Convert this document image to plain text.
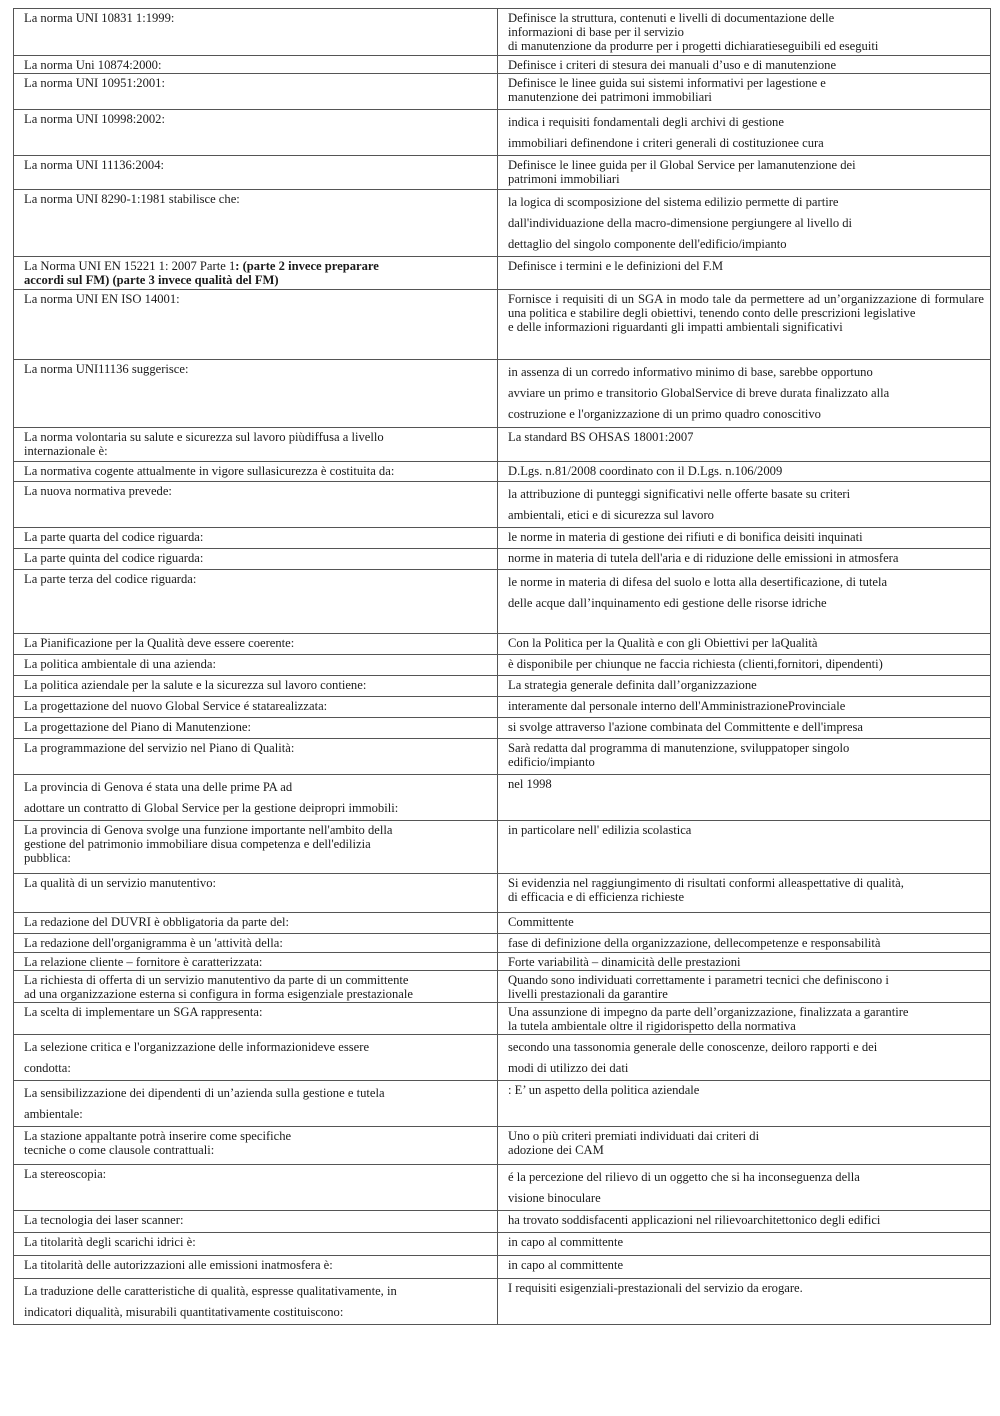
La norma UNI 10831 1:1999:	Definisce la struttura, contenuti e livelli di documentazione delle
informazioni di base per il servizio
di manutenzione da produrre per i progetti dichiaratieseguibili ed eseguiti

La norma Uni 10874:2000:	Definisce i criteri di stesura dei manuali d’uso e di manutenzione

La norma UNI 10951:2001:	Definisce le linee guida sui sistemi informativi per lagestione e
manutenzione dei patrimoni immobiliari

La norma UNI 10998:2002:	indica i requisiti fondamentali degli archivi di gestione
immobiliari definendone i criteri generali di costituzionee cura

La norma UNI 11136:2004:	Definisce le linee guida per il Global Service per lamanutenzione dei
patrimoni immobiliari

La norma UNI 8290-1:1981 stabilisce che:	la logica di scomposizione del sistema edilizio permette di partire
dall'individuazione della macro-dimensione pergiungere al livello di
dettaglio del singolo componente dell'edificio/impianto

La Norma UNI EN 15221 1: 2007 Parte 1: (parte 2 invece preparare
accordi sul FM) (parte 3 invece qualità del FM)	Definisce i termini e le definizioni del F.M

La norma UNI EN ISO 14001:	Fornisce i requisiti di un SGA in modo tale da permettere ad un’organizzazione di formulare una politica e stabilire degli obiettivi, tenendo conto delle prescrizioni legislative
e delle informazioni riguardanti gli impatti ambientali significativi

La norma UNI11136 suggerisce:	in assenza di un corredo informativo minimo di base, sarebbe opportuno
avviare un primo e transitorio GlobalService di breve durata finalizzato alla
costruzione e l'organizzazione di un primo quadro conoscitivo

La norma volontaria su salute e sicurezza sul lavoro piùdiffusa a livello
internazionale è:	La standard BS OHSAS 18001:2007

La normativa cogente attualmente in vigore sullasicurezza è costituita da:	D.Lgs. n.81/2008 coordinato con il D.Lgs. n.106/2009

La nuova normativa prevede:	la attribuzione di punteggi significativi nelle offerte basate su criteri
ambientali, etici e di sicurezza sul lavoro

La parte quarta del codice riguarda:	le norme in materia di gestione dei rifiuti e di bonifica deisiti inquinati

La parte quinta del codice riguarda:	norme in materia di tutela dell'aria e di riduzione delle emissioni in atmosfera

La parte terza del codice riguarda:	le norme in materia di difesa del suolo e lotta alla desertificazione, di tutela
delle acque dall’inquinamento edi gestione delle risorse idriche

La Pianificazione per la Qualità deve essere coerente:	Con la Politica per la Qualità e con gli Obiettivi per laQualità

La politica ambientale di una azienda:	è disponibile per chiunque ne faccia richiesta (clienti,fornitori, dipendenti)

La politica aziendale per la salute e la sicurezza sul lavoro contiene:	La strategia generale definita dall’organizzazione

La progettazione del nuovo Global Service é statarealizzata:	interamente dal personale interno dell'AmministrazioneProvinciale

La progettazione del Piano di Manutenzione:	si svolge attraverso l'azione combinata del Committente e dell'impresa

La programmazione del servizio nel Piano di Qualità:	Sarà redatta dal programma di manutenzione, sviluppatoper singolo
edificio/impianto

La provincia di Genova é stata una delle prime PA ad
adottare un contratto di Global Service per la gestione deipropri immobili:	nel 1998

La provincia di Genova svolge una funzione importante nell'ambito della
gestione del patrimonio immobiliare disua competenza e dell'edilizia
pubblica:	in particolare nell' edilizia scolastica

La qualità di un servizio manutentivo:	Si evidenzia nel raggiungimento di risultati conformi alleaspettative di qualità,
di efficacia e di efficienza richieste

La redazione del DUVRI è obbligatoria da parte del:	Committente

La redazione dell'organigramma è un 'attività della:	fase di definizione della organizzazione, dellecompetenze e responsabilità

La relazione cliente – fornitore è caratterizzata:	Forte variabilità – dinamicità delle prestazioni

La richiesta di offerta di un servizio manutentivo da parte di un committente
ad una organizzazione esterna si configura in forma esigenziale prestazionale	Quando sono individuati correttamente i parametri tecnici che definiscono i
livelli prestazionali da garantire

La scelta di implementare un SGA rappresenta:	Una assunzione di impegno da parte dell’organizzazione, finalizzata a garantire
la tutela ambientale oltre il rigidorispetto della normativa

La selezione critica e l'organizzazione delle informazionideve essere
condotta:	secondo una tassonomia generale delle conoscenze, deiloro rapporti e dei
modi di utilizzo dei dati

La sensibilizzazione dei dipendenti di un’azienda sulla gestione e tutela
ambientale:	: E’ un aspetto della politica aziendale

La stazione appaltante potrà inserire come specifiche
tecniche o come clausole contrattuali:	Uno o più criteri premiati individuati dai criteri di
adozione dei CAM

La stereoscopia:	é la percezione del rilievo di un oggetto che si ha inconseguenza della
visione binoculare

La tecnologia dei laser scanner:	ha trovato soddisfacenti applicazioni nel rilievoarchitettonico degli edifici

La titolarità degli scarichi idrici è:	in capo al committente

La titolarità delle autorizzazioni alle emissioni inatmosfera è:	in capo al committente

La traduzione delle caratteristiche di qualità, espresse qualitativamente, in
indicatori diqualità, misurabili quantitativamente costituiscono:	I requisiti esigenziali-prestazionali del servizio da erogare.
